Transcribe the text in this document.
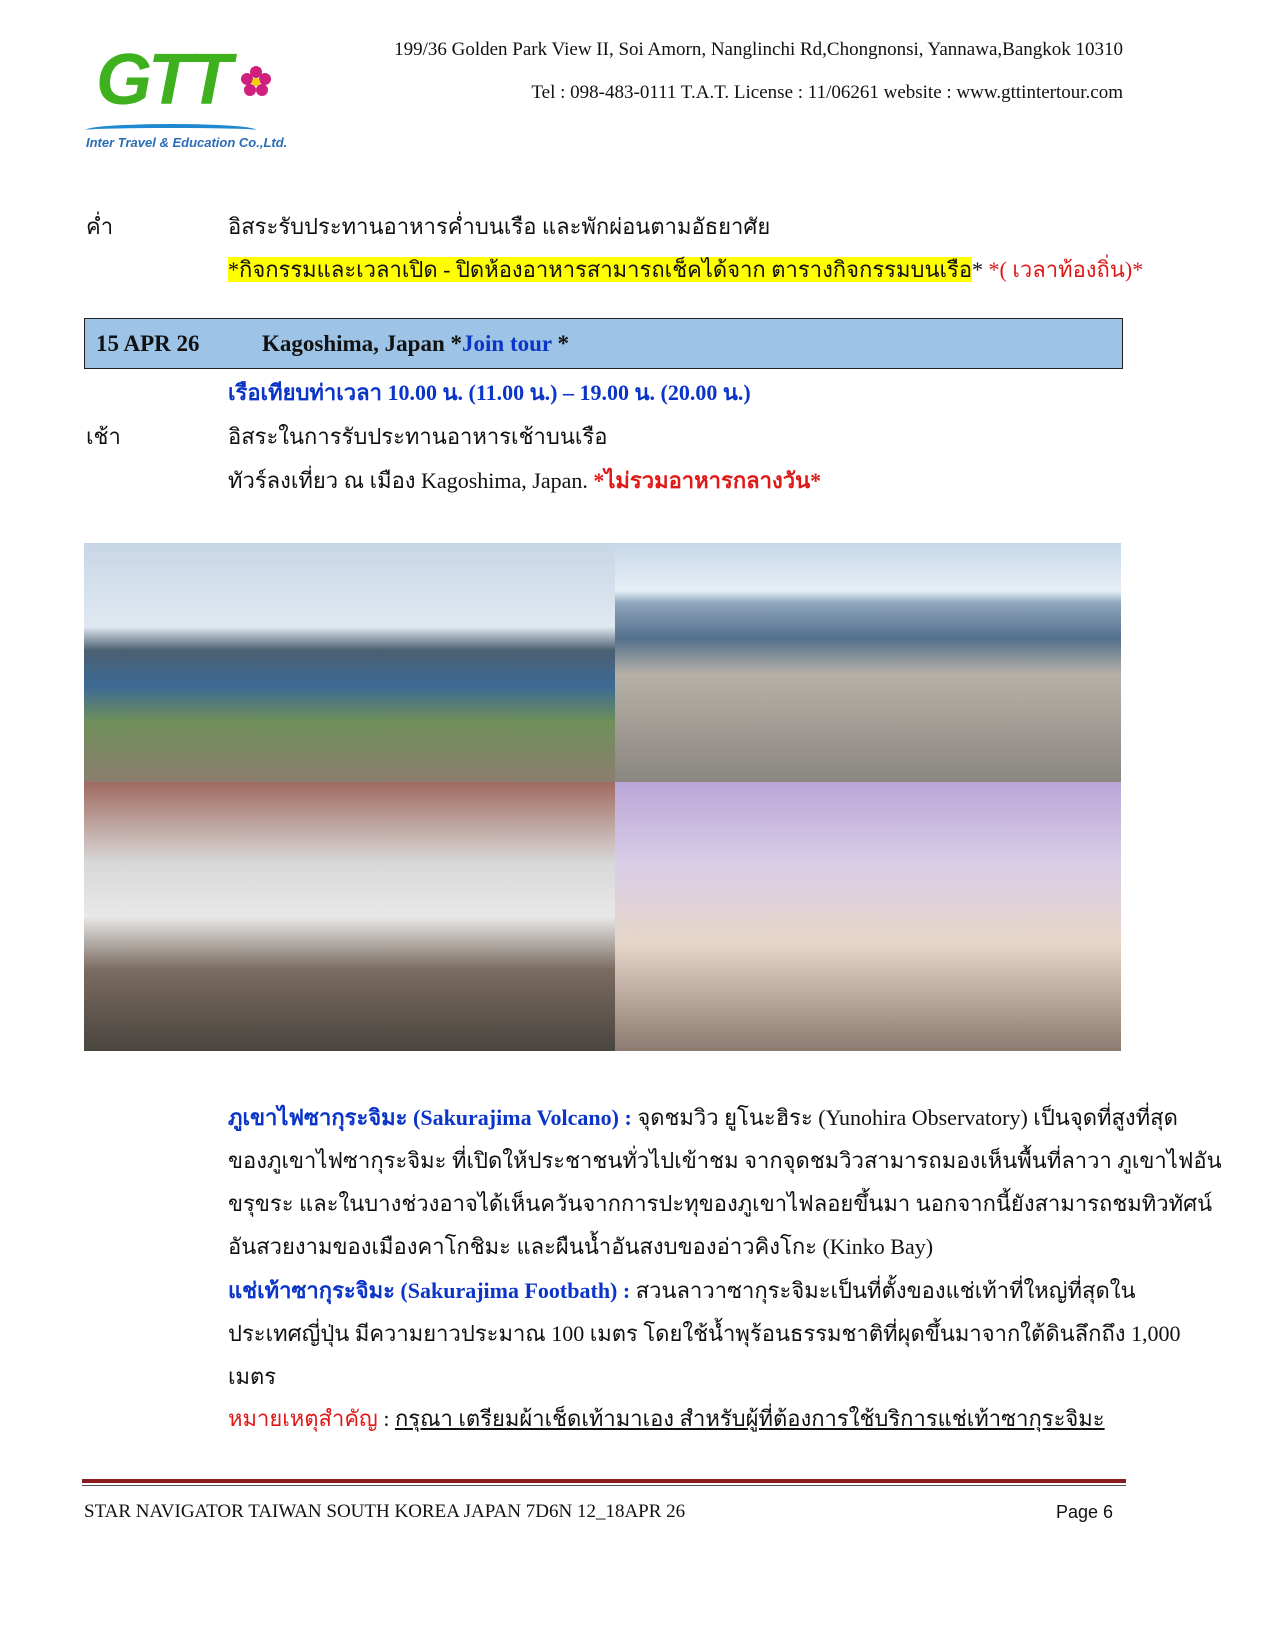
GTT
Inter Travel & Education Co.,Ltd.
199/36 Golden Park View II, Soi Amorn, Nanglinchi Rd,Chongnonsi, Yannawa,Bangkok 10310
Tel : 098-483-0111 T.A.T. License : 11/06261 website : www.gttintertour.com
ค่ำ	อิสระรับประทานอาหารค่ำบนเรือ และพักผ่อนตามอัธยาศัย
*กิจกรรมและเวลาเปิด - ปิดห้องอาหารสามารถเช็คได้จาก ตารางกิจกรรมบนเรือ* *( เวลาท้องถิ่น)*
15 APR 26	Kagoshima, Japan *Join tour *
เรือเทียบท่าเวลา 10.00 น. (11.00 น.) – 19.00 น. (20.00 น.)
เช้า	อิสระในการรับประทานอาหารเช้าบนเรือ
ทัวร์ลงเที่ยว ณ เมือง Kagoshima, Japan. *ไม่รวมอาหารกลางวัน*
ภูเขาไฟซากุระจิมะ (Sakurajima Volcano) : จุดชมวิว ยูโนะฮิระ (Yunohira Observatory) เป็นจุดที่สูงที่สุด
ของภูเขาไฟซากุระจิมะ ที่เปิดให้ประชาชนทั่วไปเข้าชม จากจุดชมวิวสามารถมองเห็นพื้นที่ลาวา ภูเขาไฟอัน
ขรุขระ และในบางช่วงอาจได้เห็นควันจากการปะทุของภูเขาไฟลอยขึ้นมา นอกจากนี้ยังสามารถชมทิวทัศน์
อันสวยงามของเมืองคาโกชิมะ และผืนน้ำอันสงบของอ่าวคิงโกะ (Kinko Bay)
แช่เท้าซากุระจิมะ (Sakurajima Footbath) : สวนลาวาซากุระจิมะเป็นที่ตั้งของแช่เท้าที่ใหญ่ที่สุดใน
ประเทศญี่ปุ่น มีความยาวประมาณ 100 เมตร โดยใช้น้ำพุร้อนธรรมชาติที่ผุดขึ้นมาจากใต้ดินลึกถึง 1,000
เมตร
หมายเหตุสำคัญ : กรุณา เตรียมผ้าเช็ดเท้ามาเอง สำหรับผู้ที่ต้องการใช้บริการแช่เท้าซากุระจิมะ
STAR NAVIGATOR TAIWAN SOUTH KOREA JAPAN 7D6N 12_18APR 26	Page 6
